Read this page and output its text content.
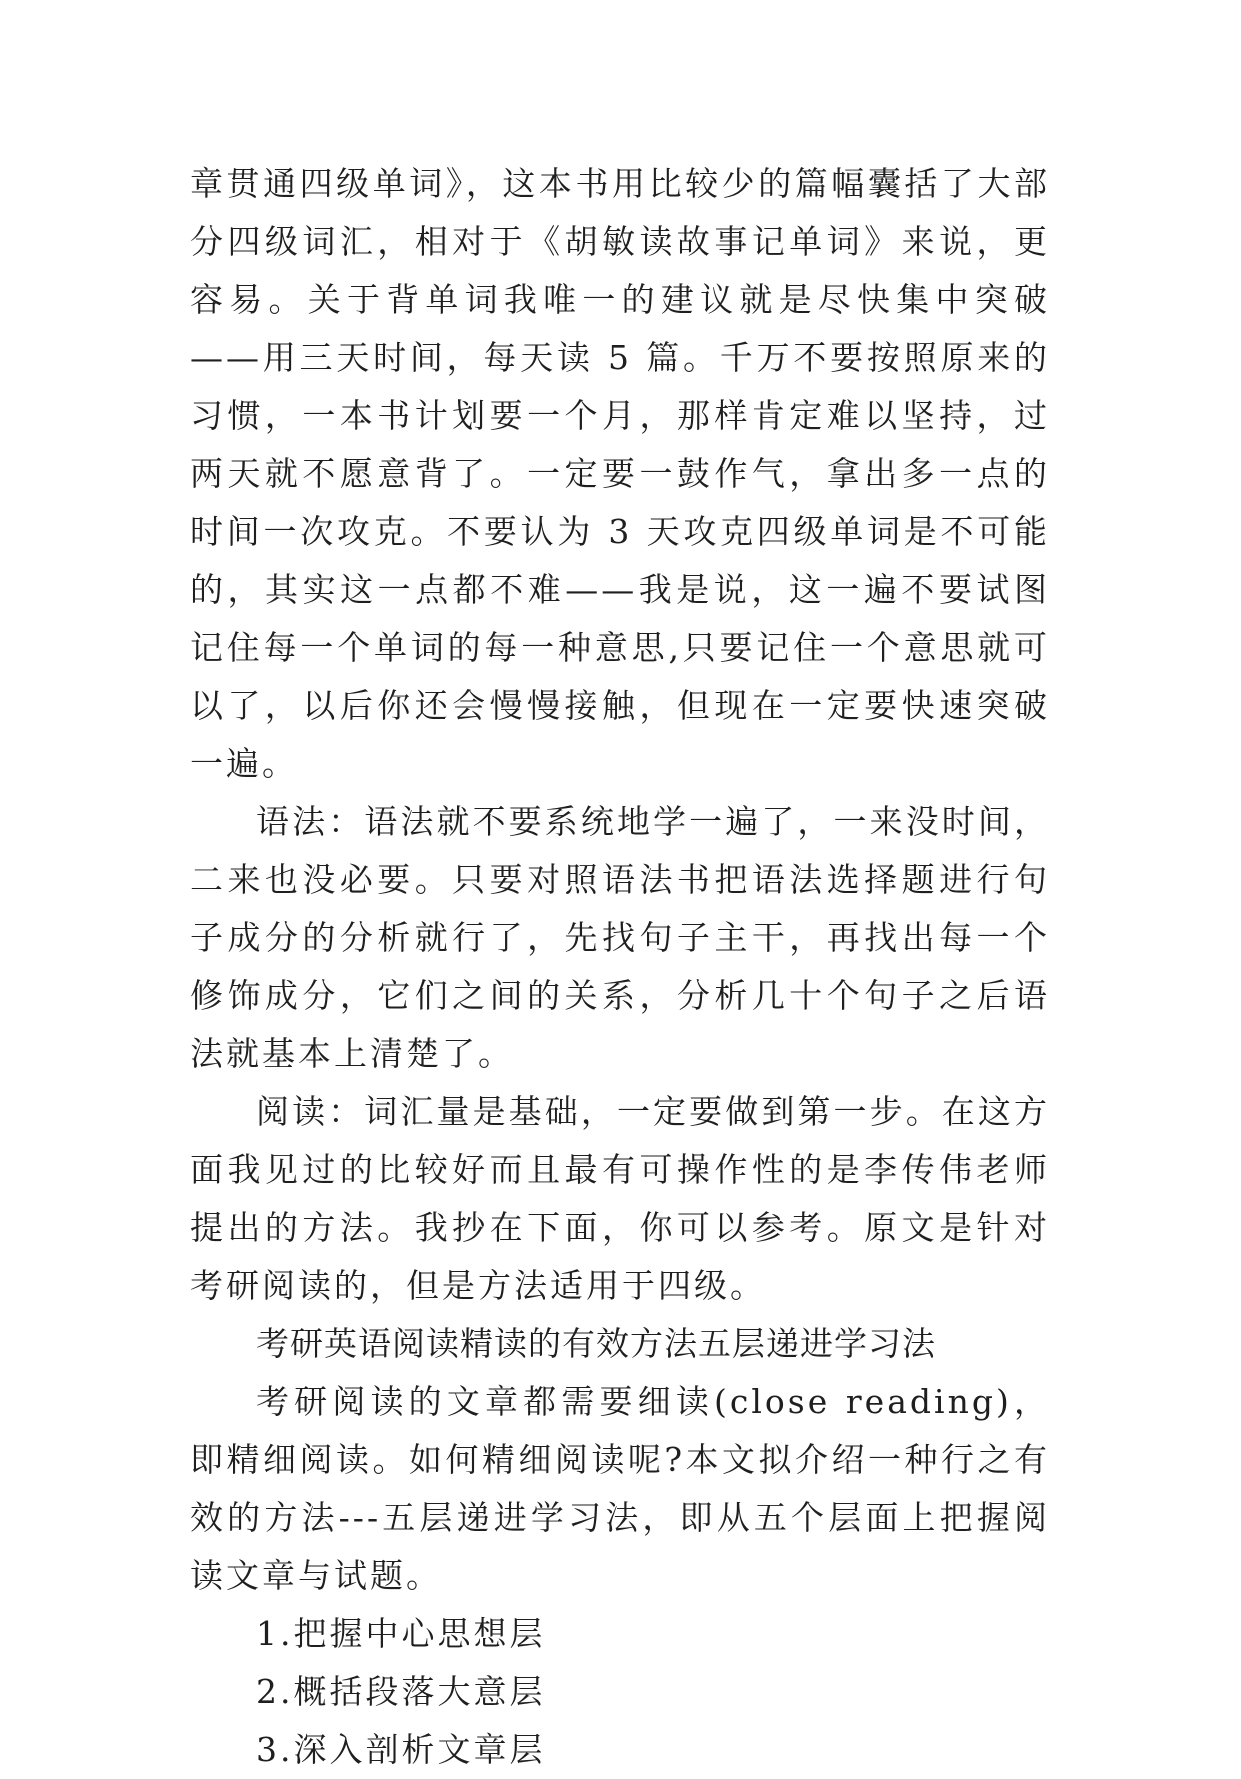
章贯通四级单词》，这本书用比较少的篇幅囊括了大部分四级词汇，相对于《胡敏读故事记单词》来说，更容易。关于背单词我唯一的建议就是尽快集中突破——用三天时间，每天读 5 篇。千万不要按照原来的习惯，一本书计划要一个月，那样肯定难以坚持，过两天就不愿意背了。一定要一鼓作气，拿出多一点的时间一次攻克。不要认为 3 天攻克四级单词是不可能的，其实这一点都不难——我是说，这一遍不要试图记住每一个单词的每一种意思,只要记住一个意思就可以了，以后你还会慢慢接触，但现在一定要快速突破一遍。

语法：语法就不要系统地学一遍了，一来没时间，二来也没必要。只要对照语法书把语法选择题进行句子成分的分析就行了，先找句子主干，再找出每一个修饰成分，它们之间的关系，分析几十个句子之后语法就基本上清楚了。

阅读：词汇量是基础，一定要做到第一步。在这方面我见过的比较好而且最有可操作性的是李传伟老师提出的方法。我抄在下面，你可以参考。原文是针对考研阅读的，但是方法适用于四级。

考研英语阅读精读的有效方法五层递进学习法

考研阅读的文章都需要细读(close reading)，即精细阅读。如何精细阅读呢?本文拟介绍一种行之有效的方法---五层递进学习法，即从五个层面上把握阅读文章与试题。

1.把握中心思想层

2.概括段落大意层

3.深入剖析文章层
